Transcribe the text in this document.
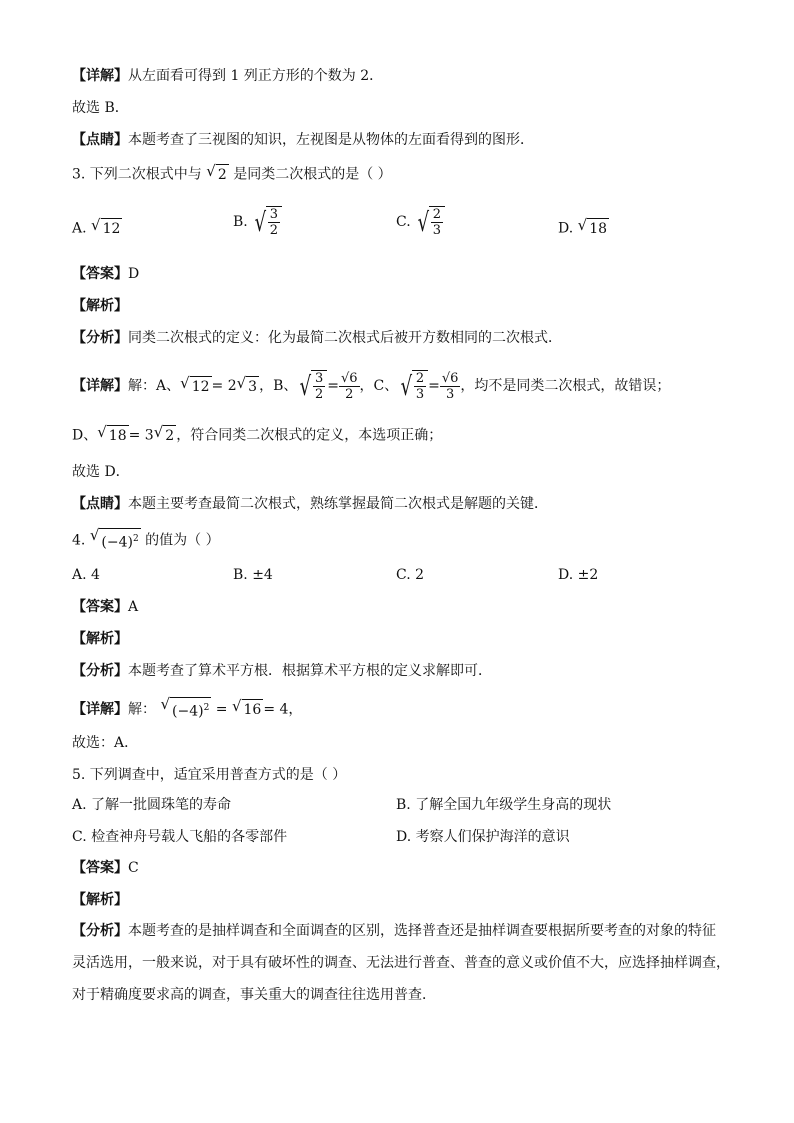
【详解】从左面看可得到 1 列正方形的个数为 2．
故选 B．
【点睛】本题考查了三视图的知识，左视图是从物体的左面看得到的图形．
3. 下列二次根式中与 √ 2 是同类二次根式的是（ ）
A. √ 12	B. √ $\frac{3}{2}$	C. √ $\frac{2}{3}$	D. √ 18
【答案】D
【解析】
【分析】同类二次根式的定义：化为最简二次根式后被开方数相同的二次根式．
【详解】解：A、 √ 12 = 2 √ 3 ，B、 √ $\frac{3}{2} = \frac{√6}{2}$ ，C、 √ $\frac{2}{3} = \frac{√6}{3}$ ，均不是同类二次根式，故错误；
D、 √ 18 = 3 √ 2 ，符合同类二次根式的定义，本选项正确；
故选 D．
【点睛】本题主要考查最简二次根式，熟练掌握最简二次根式是解题的关键．
4. √ $(-4)^2$ 的值为（ ）
A. 4	B. ±4	C. 2	D. ±2
【答案】A
【解析】
【分析】本题考查了算术平方根．根据算术平方根的定义求解即可．
【详解】解： √ $(-4)^2$ = √ 16 = 4，
故选：A．
5. 下列调查中，适宜采用普查方式的是（ ）
A. 了解一批圆珠笔的寿命	B. 了解全国九年级学生身高的现状
C. 检查神舟号载人飞船的各零部件	D. 考察人们保护海洋的意识
【答案】C
【解析】
【分析】本题考查的是抽样调查和全面调查的区别，选择普查还是抽样调查要根据所要考查的对象的特征
灵活选用，一般来说，对于具有破坏性的调查、无法进行普查、普查的意义或价值不大，应选择抽样调查，
对于精确度要求高的调查，事关重大的调查往往选用普查．
